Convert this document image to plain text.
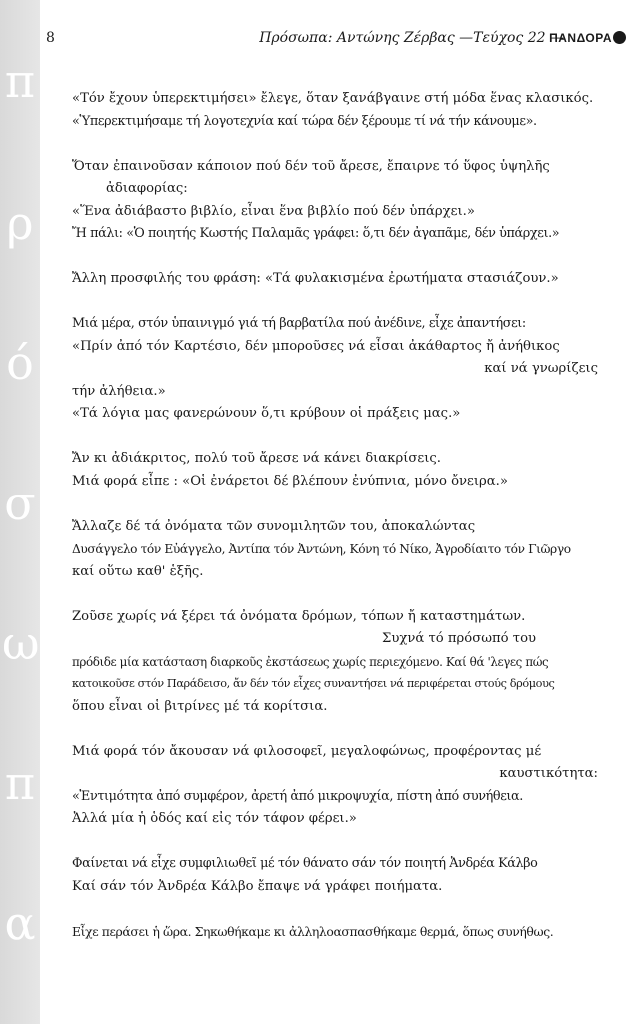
π
ρ
ό
σ
ω
π
α
8	Πρόσωπα: Αντώνης Ζέρβας —Τεύχος 22 —
ΠΑΝΔΟΡΑ
«Τόν ἔχουν ὑπερεκτιμήσει» ἔλεγε, ὅταν ξανάβγαινε στή μόδα ἕνας κλασικός.
«Ὑπερεκτιμήσαμε τή λογοτεχνία καί τώρα δέν ξέρουμε τί νά τήν κάνουμε».
Ὅταν ἐπαινοῦσαν κάποιον πού δέν τοῦ ἄρεσε, ἔπαιρνε τό ὕφος ὑψηλῆς
ἀδιαφορίας:
«Ἕνα ἀδιάβαστο βιβλίο, εἶναι ἕνα βιβλίο πού δέν ὑπάρχει.»
Ἤ πάλι: «Ὁ ποιητής Κωστής Παλαμᾶς γράφει: ὅ,τι δέν ἀγαπᾶμε, δέν ὑπάρχει.»
Ἄλλη προσφιλής του φράση: «Τά φυλακισμένα ἐρωτήματα στασιάζουν.»
Μιά μέρα, στόν ὑπαινιγμό γιά τή βαρβατίλα πού ἀνέδινε, εἶχε ἀπαντήσει:
«Πρίν ἀπό τόν Καρτέσιο, δέν μποροῦσες νά εἶσαι ἀκάθαρτος ἤ ἀνήθικος
καί νά γνωρίζεις
τήν ἀλήθεια.»
«Τά λόγια μας φανερώνουν ὅ,τι κρύβουν οἱ πράξεις μας.»
Ἄν κι ἀδιάκριτος, πολύ τοῦ ἄρεσε νά κάνει διακρίσεις.
Μιά φορά εἶπε : «Οἱ ἐνάρετοι δέ βλέπουν ἐνύπνια, μόνο ὄνειρα.»
Ἄλλαζε δέ τά ὀνόματα τῶν συνομιλητῶν του, ἀποκαλώντας
Δυσάγγελο τόν Εὐάγγελο, Ἀντίπα τόν Ἀντώνη, Κόνη τό Νίκο, Ἀγροδίαιτο τόν Γιῶργο
καί οὕτω καθ' ἑξῆς.
Ζοῦσε χωρίς νά ξέρει τά ὀνόματα δρόμων, τόπων ἤ καταστημάτων.
Συχνά τό πρόσωπό του
πρόδιδε μία κατάσταση διαρκοῦς ἐκστάσεως χωρίς περιεχόμενο. Καί θά 'λεγες πώς
κατοικοῦσε στόν Παράδεισο, ἄν δέν τόν εἶχες συναντήσει νά περιφέρεται στούς δρόμους
ὅπου εἶναι οἱ βιτρίνες μέ τά κορίτσια.
Μιά φορά τόν ἄκουσαν νά φιλοσοφεῖ, μεγαλοφώνως, προφέροντας μέ
καυστικότητα:
«Ἐντιμότητα ἀπό συμφέρον, ἀρετή ἀπό μικροψυχία, πίστη ἀπό συνήθεια.
Ἀλλά μία ἡ ὁδός καί εἰς τόν τάφον φέρει.»
Φαίνεται νά εἶχε συμφιλιωθεῖ μέ τόν θάνατο σάν τόν ποιητή Ἀνδρέα Κάλβο
Καί σάν τόν Ἀνδρέα Κάλβο ἔπαψε νά γράφει ποιήματα.
Εἶχε περάσει ἡ ὥρα. Σηκωθήκαμε κι ἀλληλοασπασθήκαμε θερμά, ὅπως συνήθως.
